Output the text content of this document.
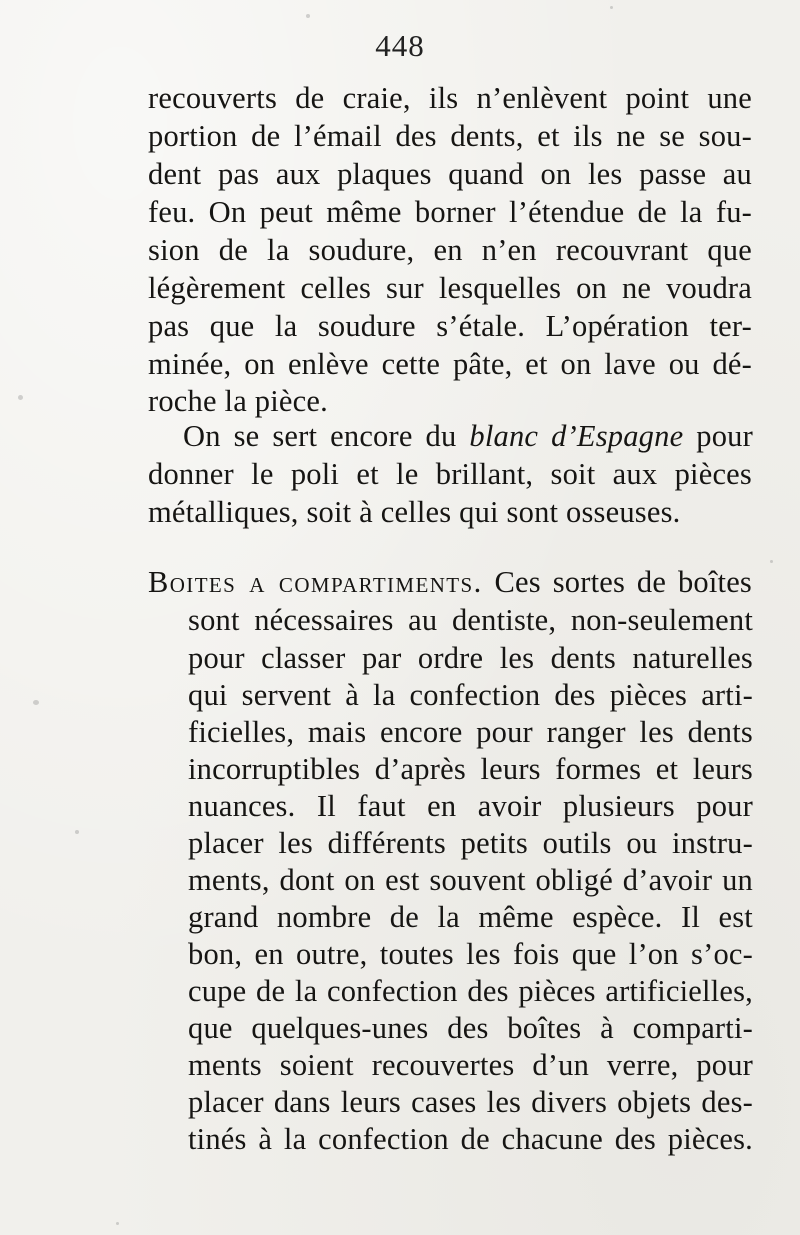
448
recouverts de craie, ils n’enlèvent point une
portion de l’émail des dents, et ils ne se sou-
dent pas aux plaques quand on les passe au
feu. On peut même borner l’étendue de la fu-
sion de la soudure, en n’en recouvrant que
légèrement celles sur lesquelles on ne voudra
pas que la soudure s’étale. L’opération ter-
minée, on enlève cette pâte, et on lave ou dé-
roche la pièce.
On se sert encore du blanc d’Espagne pour
donner le poli et le brillant, soit aux pièces
métalliques, soit à celles qui sont osseuses.
Boites a compartiments. Ces sortes de boîtes
sont nécessaires au dentiste, non-seulement
pour classer par ordre les dents naturelles
qui servent à la confection des pièces arti-
ficielles, mais encore pour ranger les dents
incorruptibles d’après leurs formes et leurs
nuances. Il faut en avoir plusieurs pour
placer les différents petits outils ou instru-
ments, dont on est souvent obligé d’avoir un
grand nombre de la même espèce. Il est
bon, en outre, toutes les fois que l’on s’oc-
cupe de la confection des pièces artificielles,
que quelques-unes des boîtes à comparti-
ments soient recouvertes d’un verre, pour
placer dans leurs cases les divers objets des-
tinés à la confection de chacune des pièces.
